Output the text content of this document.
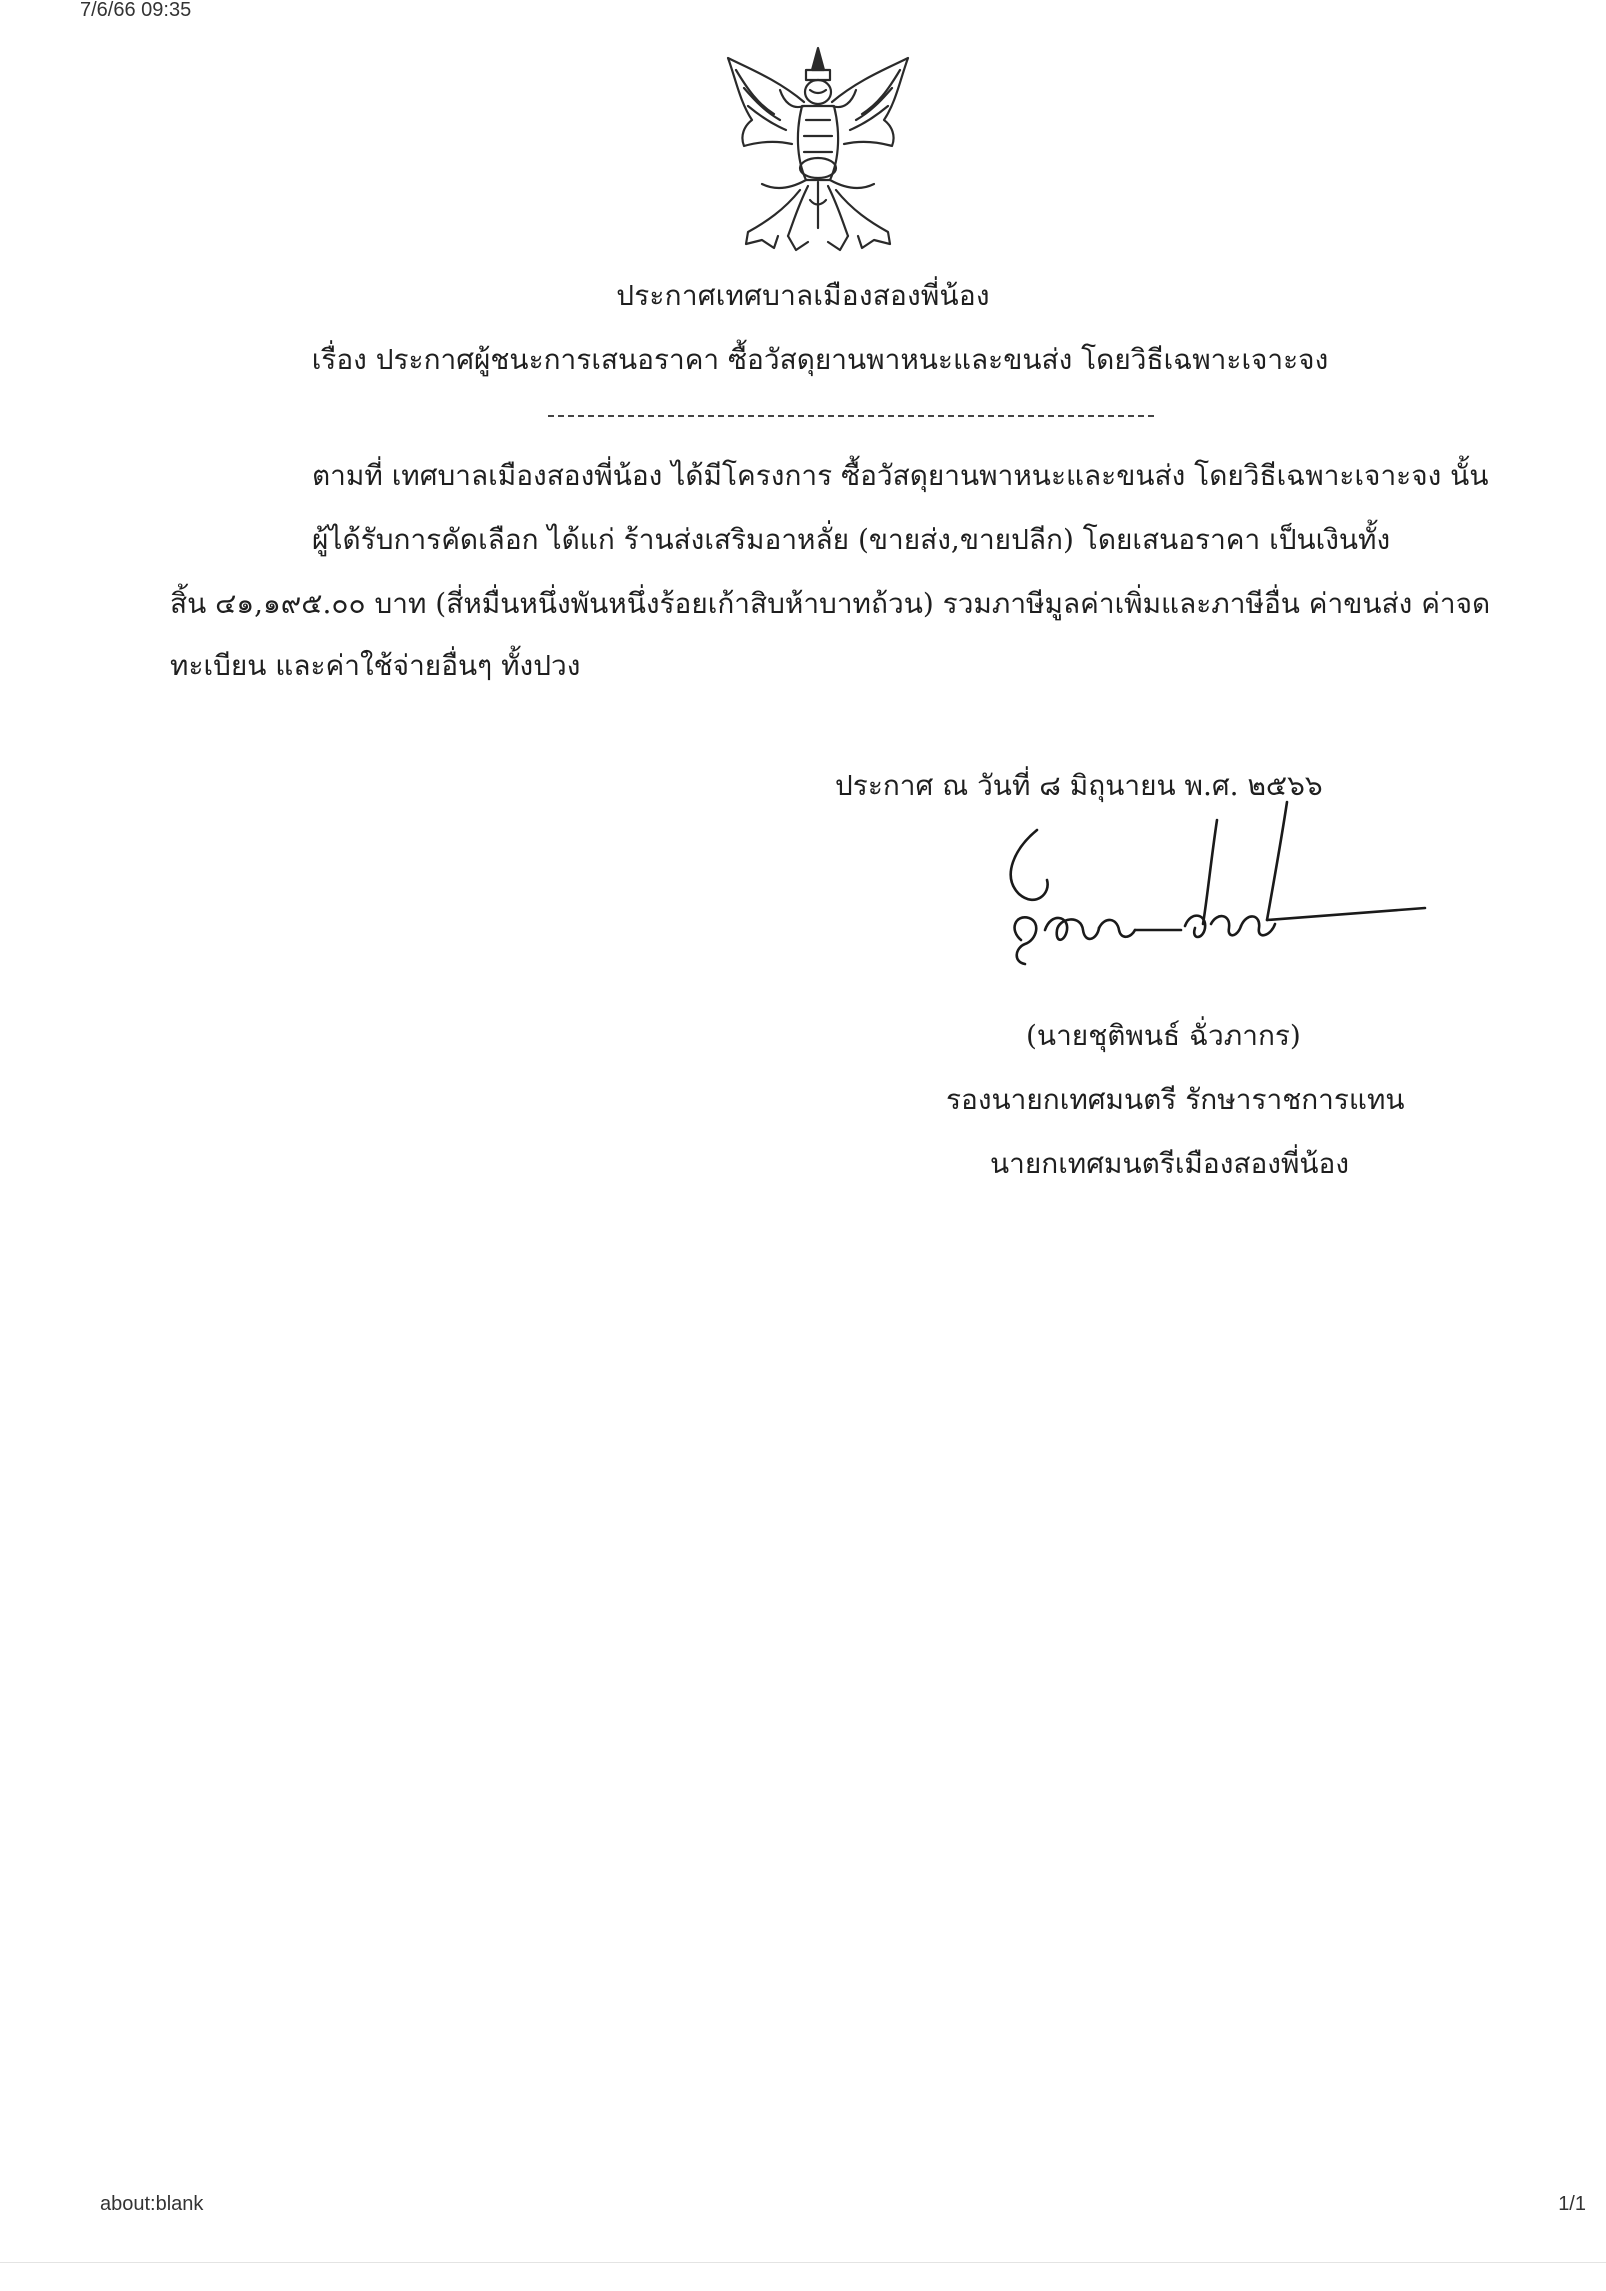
7/6/66 09:35
ประกาศเทศบาลเมืองสองพี่น้อง
เรื่อง ประกาศผู้ชนะการเสนอราคา ซื้อวัสดุยานพาหนะและขนส่ง โดยวิธีเฉพาะเจาะจง
ตามที่ เทศบาลเมืองสองพี่น้อง ได้มีโครงการ ซื้อวัสดุยานพาหนะและขนส่ง โดยวิธีเฉพาะเจาะจง นั้น
ผู้ได้รับการคัดเลือก ได้แก่ ร้านส่งเสริมอาหลั่ย (ขายส่ง,ขายปลีก) โดยเสนอราคา เป็นเงินทั้ง
สิ้น ๔๑,๑๙๕.๐๐ บาท (สี่หมื่นหนึ่งพันหนึ่งร้อยเก้าสิบห้าบาทถ้วน) รวมภาษีมูลค่าเพิ่มและภาษีอื่น ค่าขนส่ง ค่าจด
ทะเบียน และค่าใช้จ่ายอื่นๆ ทั้งปวง
ประกาศ ณ วันที่ ๘ มิถุนายน พ.ศ. ๒๕๖๖
(นายชุติพนธ์ ฉั่วภากร)
รองนายกเทศมนตรี รักษาราชการแทน
นายกเทศมนตรีเมืองสองพี่น้อง
about:blank	1/1
